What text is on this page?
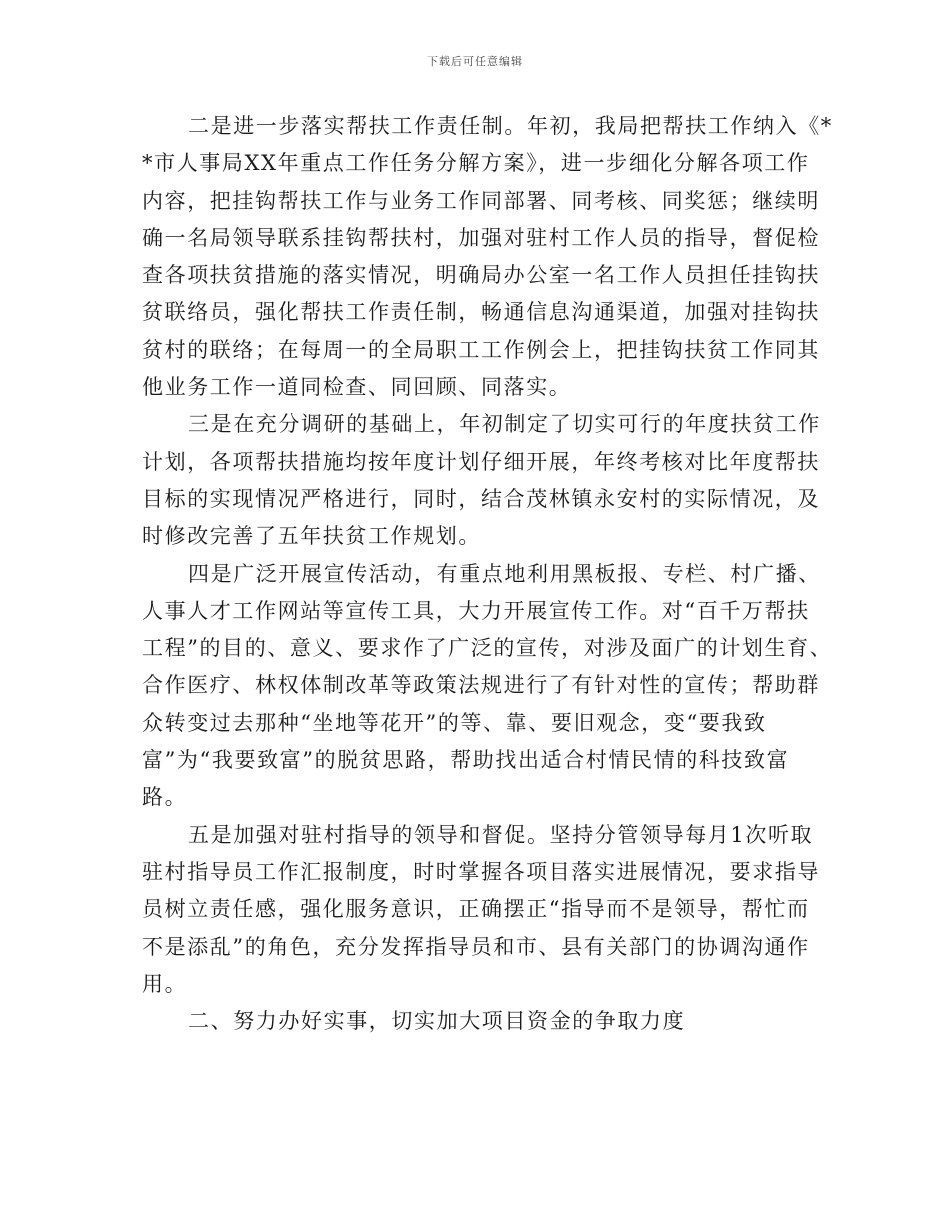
下载后可任意编辑
二是进一步落实帮扶工作责任制。年初，我局把帮扶工作纳入《*
*市人事局XX年重点工作任务分解方案》，进一步细化分解各项工作
内容，把挂钩帮扶工作与业务工作同部署、同考核、同奖惩；继续明
确一名局领导联系挂钩帮扶村，加强对驻村工作人员的指导，督促检
查各项扶贫措施的落实情况，明确局办公室一名工作人员担任挂钩扶
贫联络员，强化帮扶工作责任制，畅通信息沟通渠道，加强对挂钩扶
贫村的联络；在每周一的全局职工工作例会上，把挂钩扶贫工作同其
他业务工作一道同检查、同回顾、同落实。
三是在充分调研的基础上，年初制定了切实可行的年度扶贫工作
计划，各项帮扶措施均按年度计划仔细开展，年终考核对比年度帮扶
目标的实现情况严格进行，同时，结合茂林镇永安村的实际情况，及
时修改完善了五年扶贫工作规划。
四是广泛开展宣传活动，有重点地利用黑板报、专栏、村广播、
人事人才工作网站等宣传工具，大力开展宣传工作。对“百千万帮扶
工程”的目的、意义、要求作了广泛的宣传，对涉及面广的计划生育、
合作医疗、林权体制改革等政策法规进行了有针对性的宣传；帮助群
众转变过去那种“坐地等花开”的等、靠、要旧观念，变“要我致
富”为“我要致富”的脱贫思路，帮助找出适合村情民情的科技致富
路。
五是加强对驻村指导的领导和督促。坚持分管领导每月1次听取
驻村指导员工作汇报制度，时时掌握各项目落实进展情况，要求指导
员树立责任感，强化服务意识，正确摆正“指导而不是领导，帮忙而
不是添乱”的角色，充分发挥指导员和市、县有关部门的协调沟通作
用。
二、努力办好实事，切实加大项目资金的争取力度
